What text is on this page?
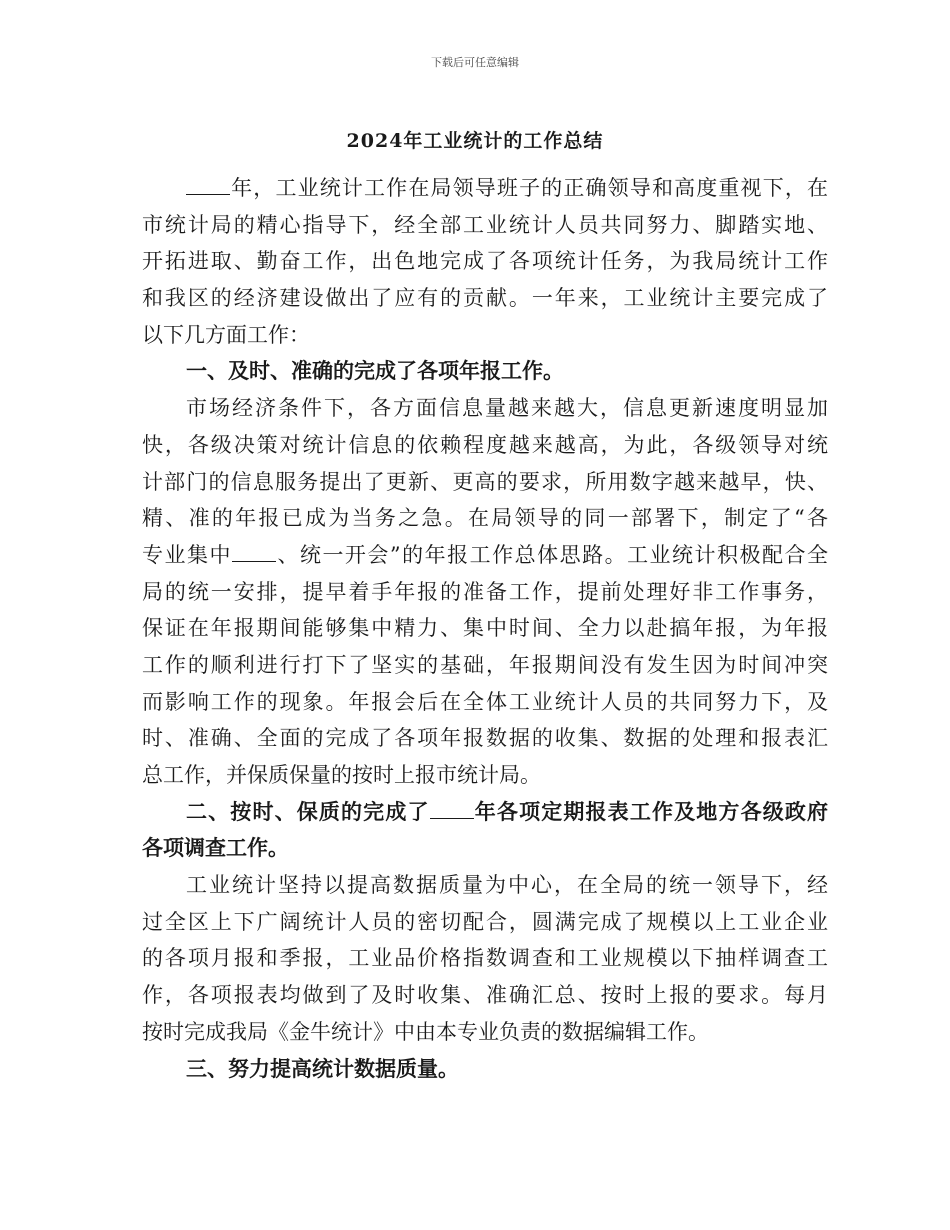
下载后可任意编辑
2024年工业统计的工作总结
年，工业统计工作在局领导班子的正确领导和高度重视下，在
市统计局的精心指导下，经全部工业统计人员共同努力、脚踏实地、
开拓进取、勤奋工作，出色地完成了各项统计任务，为我局统计工作
和我区的经济建设做出了应有的贡献。一年来，工业统计主要完成了
以下几方面工作：
一、及时、准确的完成了各项年报工作。
市场经济条件下，各方面信息量越来越大，信息更新速度明显加
快，各级决策对统计信息的依赖程度越来越高，为此，各级领导对统
计部门的信息服务提出了更新、更高的要求，所用数字越来越早，快、
精、准的年报已成为当务之急。在局领导的同一部署下，制定了“各
专业集中 、统一开会”的年报工作总体思路。工业统计积极配合全
局的统一安排，提早着手年报的准备工作，提前处理好非工作事务，
保证在年报期间能够集中精力、集中时间、全力以赴搞年报，为年报
工作的顺利进行打下了坚实的基础，年报期间没有发生因为时间冲突
而影响工作的现象。年报会后在全体工业统计人员的共同努力下，及
时、准确、全面的完成了各项年报数据的收集、数据的处理和报表汇
总工作，并保质保量的按时上报市统计局。
二、按时、保质的完成了 年各项定期报表工作及地方各级政府
各项调查工作。
工业统计坚持以提高数据质量为中心，在全局的统一领导下，经
过全区上下广阔统计人员的密切配合，圆满完成了规模以上工业企业
的各项月报和季报，工业品价格指数调查和工业规模以下抽样调查工
作，各项报表均做到了及时收集、准确汇总、按时上报的要求。每月
按时完成我局《金牛统计》中由本专业负责的数据编辑工作。
三、努力提高统计数据质量。
